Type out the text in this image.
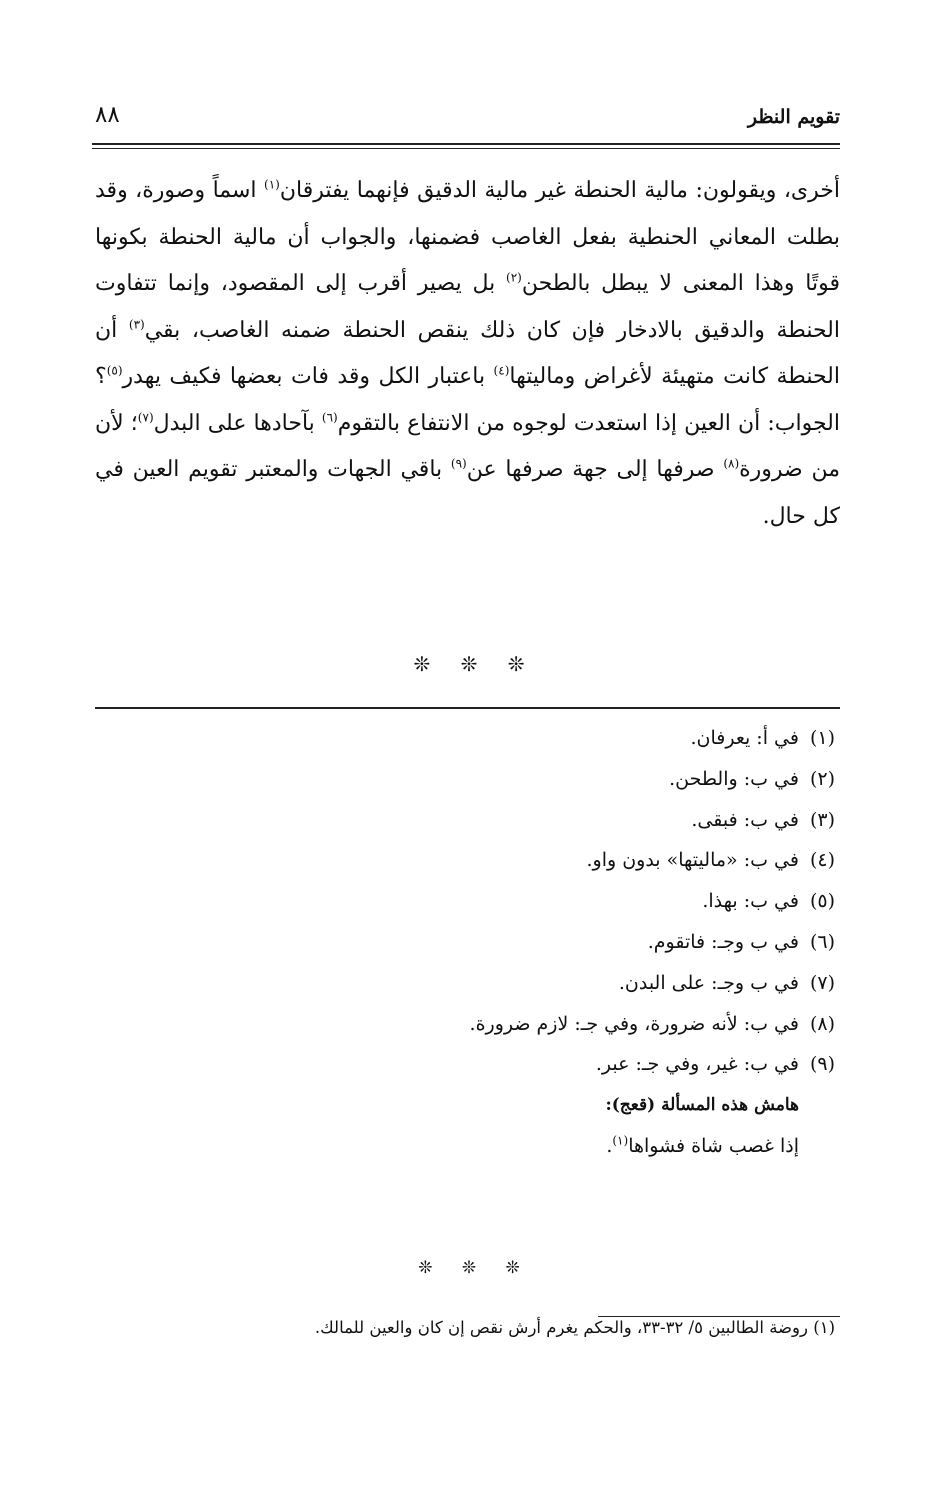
تقويم النظر
٨٨

أخرى، ويقولون: مالية الحنطة غير مالية الدقيق فإنهما يفترقان$^{(١)}$ اسماً وصورة، وقد بطلت المعاني الحنطية بفعل الغاصب فضمنها، والجواب أن مالية الحنطة بكونها قوتًا وهذا المعنى لا يبطل بالطحن$^{(٢)}$ بل يصير أقرب إلى المقصود، وإنما تتفاوت الحنطة والدقيق بالادخار فإن كان ذلك ينقص الحنطة ضمنه الغاصب، بقي$^{(٣)}$ أن الحنطة كانت متهيئة لأغراض ومالیتها$^{(٤)}$ باعتبار الكل وقد فات بعضها فكيف يهدر$^{(٥)}$؟ الجواب: أن العين إذا استعدت لوجوه من الانتفاع بالتقوم$^{(٦)}$ بآحادها على البدل$^{(٧)}$؛ لأن من ضرورة$^{(٨)}$ صرفها إلى جهة صرفها عن$^{(٩)}$ باقي الجهات والمعتبر تقويم العين في كل حال.

❊ ❊ ❊
(١) في أ: يعرفان.
(٢) في ب: والطحن.
(٣) في ب: فبقى.
(٤) في ب: «ماليتها» بدون واو.
(٥) في ب: بهذا.
(٦) في ب وجـ: فاتقوم.
(٧) في ب وجـ: على البدن.
(٨) في ب: لأنه ضرورة، وفي جـ: لازم ضرورة.
(٩) في ب: غير، وفي جـ: عبر.
هامش هذه المسألة (قعج):
إذا غصب شاة فشواها$^{(١)}$.
❊ ❊ ❊
(١) روضة الطالبين ٥/ ٣٢-٣٣، والحكم يغرم أرش نقص إن كان والعين للمالك.
